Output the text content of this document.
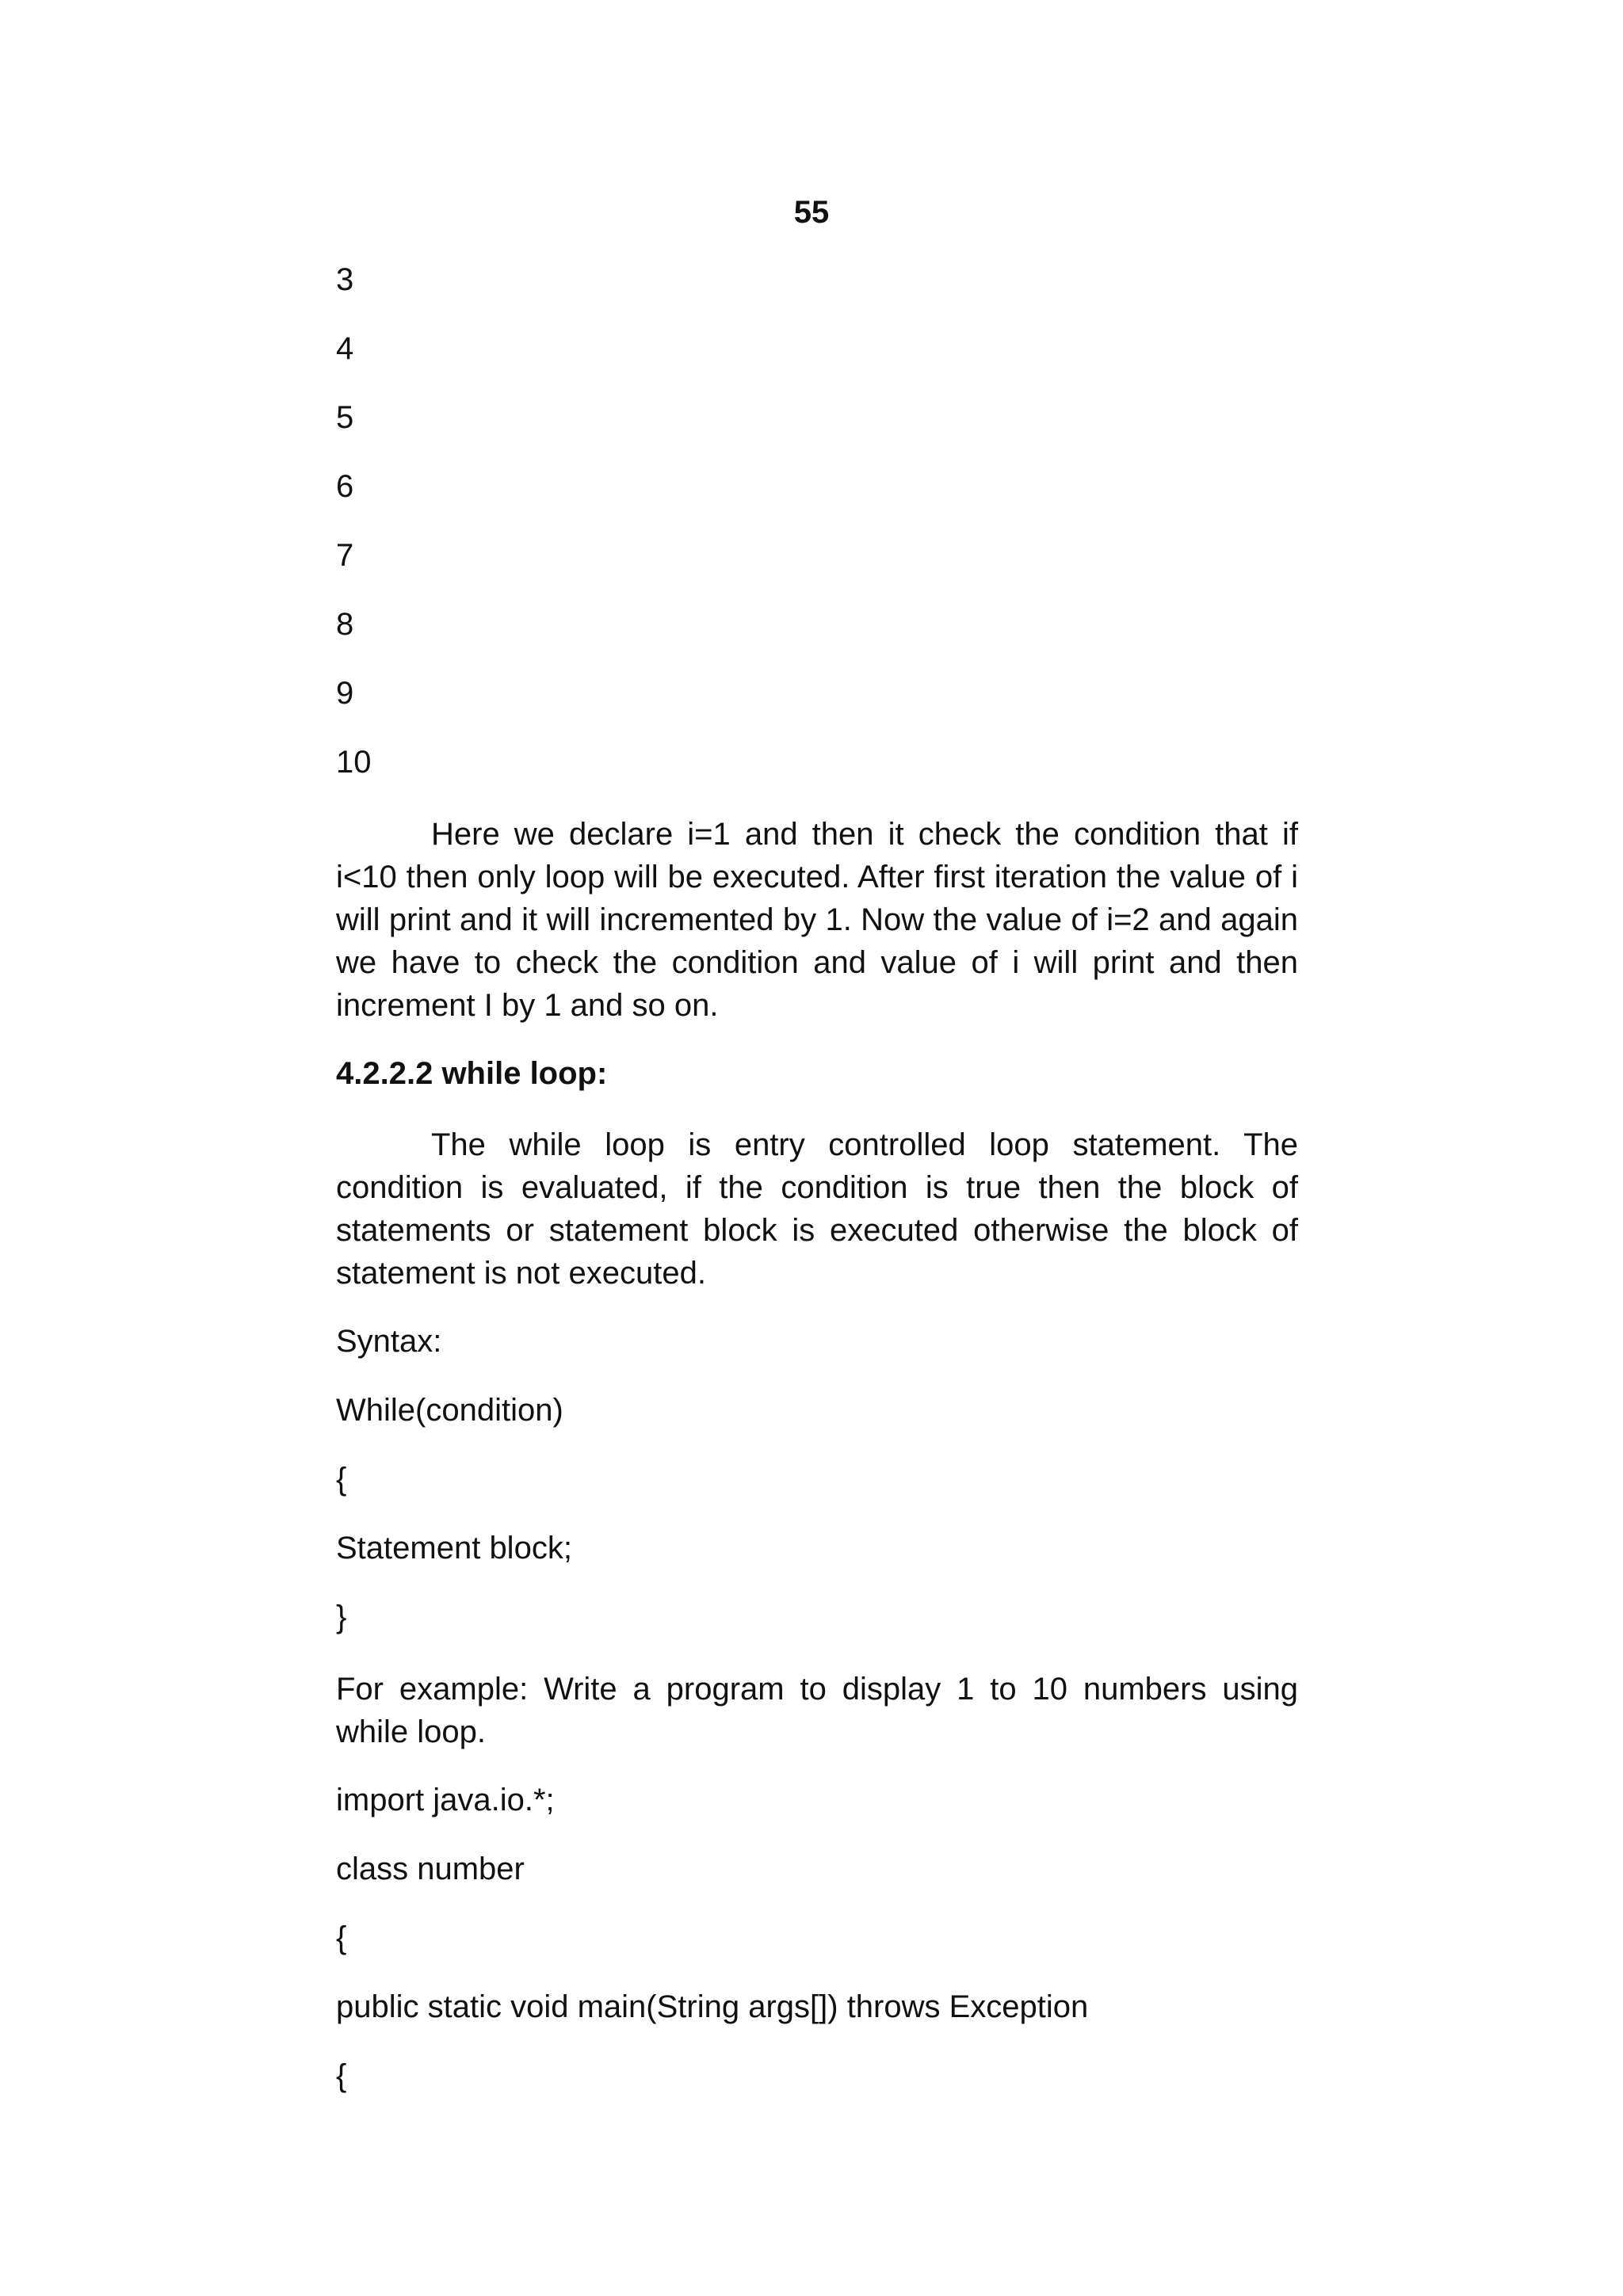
55
3
4
5
6
7
8
9
10

Here we declare i=1 and then it check the condition that if i<10 then only loop will be executed. After first iteration the value of i will print and it will incremented by 1. Now the value of i=2 and again we have to check the condition and value of i will print and then increment I by 1 and so on.

4.2.2.2 while loop:

The while loop is entry controlled loop statement. The condition is evaluated, if the condition is true then the block of statements or statement block is executed otherwise the block of statement is not executed.

Syntax:
While(condition)
{
Statement block;
}

For example: Write a program to display 1 to 10 numbers using while loop.

import java.io.*;
class number
{
public static void main(String args[]) throws Exception
{
